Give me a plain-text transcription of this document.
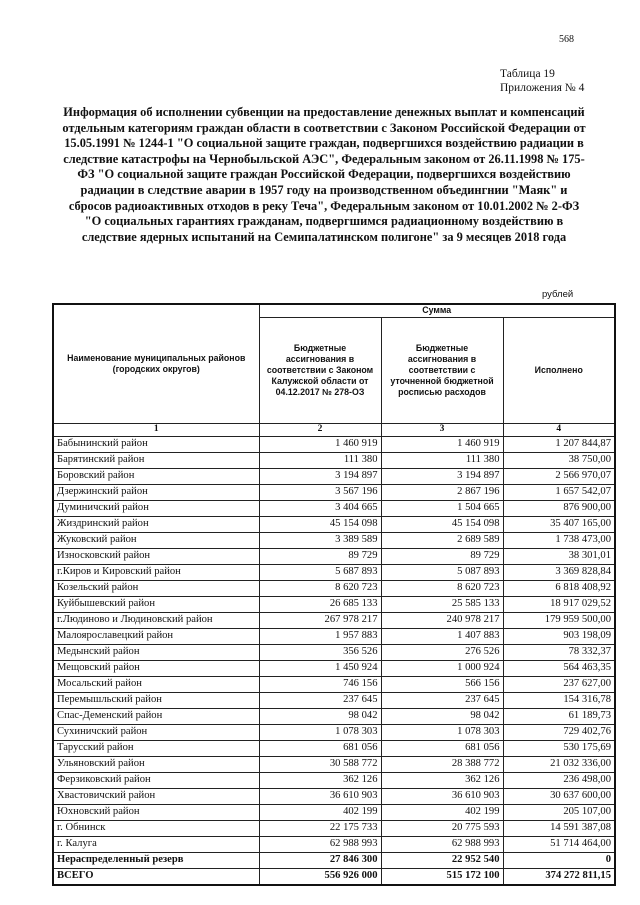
568
Таблица 19
Приложения № 4
Информация об исполнении субвенции на предоставление денежных выплат и компенсаций отдельным категориям граждан области в соответствии с Законом Российской Федерации от 15.05.1991 № 1244-1 "О социальной защите граждан, подвергшихся воздействию радиации в следствие катастрофы на Чернобыльской АЭС", Федеральным законом от 26.11.1998 № 175-ФЗ "О социальной защите граждан Российской Федерации, подвергшихся воздействию радиации в следствие аварии в 1957 году на производственном объедингнии "Маяк" и сбросов радиоактивных отходов в реку Теча", Федеральным законом от 10.01.2002 № 2-ФЗ "О социальных гарантиях гражданам, подвергшимся радиационному воздействию в следствие ядерных испытаний на Семипалатинском полигоне" за 9 месяцев 2018 года
рублей
Наименование муниципальных районов (городских округов)	Сумма		
	Бюджетные ассигнования в соответствии с Законом Калужской области от 04.12.2017 № 278-ОЗ	Бюджетные ассигнования в соответствии с уточненной бюджетной росписью расходов	Исполнено
1	2	3	4
Бабынинский район	1 460 919	1 460 919	1 207 844,87
Барятинский район	111 380	111 380	38 750,00
Боровский район	3 194 897	3 194 897	2 566 970,07
Дзержинский район	3 567 196	2 867 196	1 657 542,07
Думиничский район	3 404 665	1 504 665	876 900,00
Жиздринский район	45 154 098	45 154 098	35 407 165,00
Жуковский район	3 389 589	2 689 589	1 738 473,00
Износковский район	89 729	89 729	38 301,01
г.Киров и Кировский район	5 687 893	5 087 893	3 369 828,84
Козельский район	8 620 723	8 620 723	6 818 408,92
Куйбышевский район	26 685 133	25 585 133	18 917 029,52
г.Людиново и Людиновский район	267 978 217	240 978 217	179 959 500,00
Малоярославецкий район	1 957 883	1 407 883	903 198,09
Медынский район	356 526	276 526	78 332,37
Мещовский район	1 450 924	1 000 924	564 463,35
Мосальский район	746 156	566 156	237 627,00
Перемышльский район	237 645	237 645	154 316,78
Спас-Деменский район	98 042	98 042	61 189,73
Сухиничский район	1 078 303	1 078 303	729 402,76
Тарусский район	681 056	681 056	530 175,69
Ульяновский район	30 588 772	28 388 772	21 032 336,00
Ферзиковский район	362 126	362 126	236 498,00
Хвастовичский район	36 610 903	36 610 903	30 637 600,00
Юхновский район	402 199	402 199	205 107,00
г. Обнинск	22 175 733	20 775 593	14 591 387,08
г. Калуга	62 988 993	62 988 993	51 714 464,00
Нераспределенный резерв	27 846 300	22 952 540	0
ВСЕГО	556 926 000	515 172 100	374 272 811,15
